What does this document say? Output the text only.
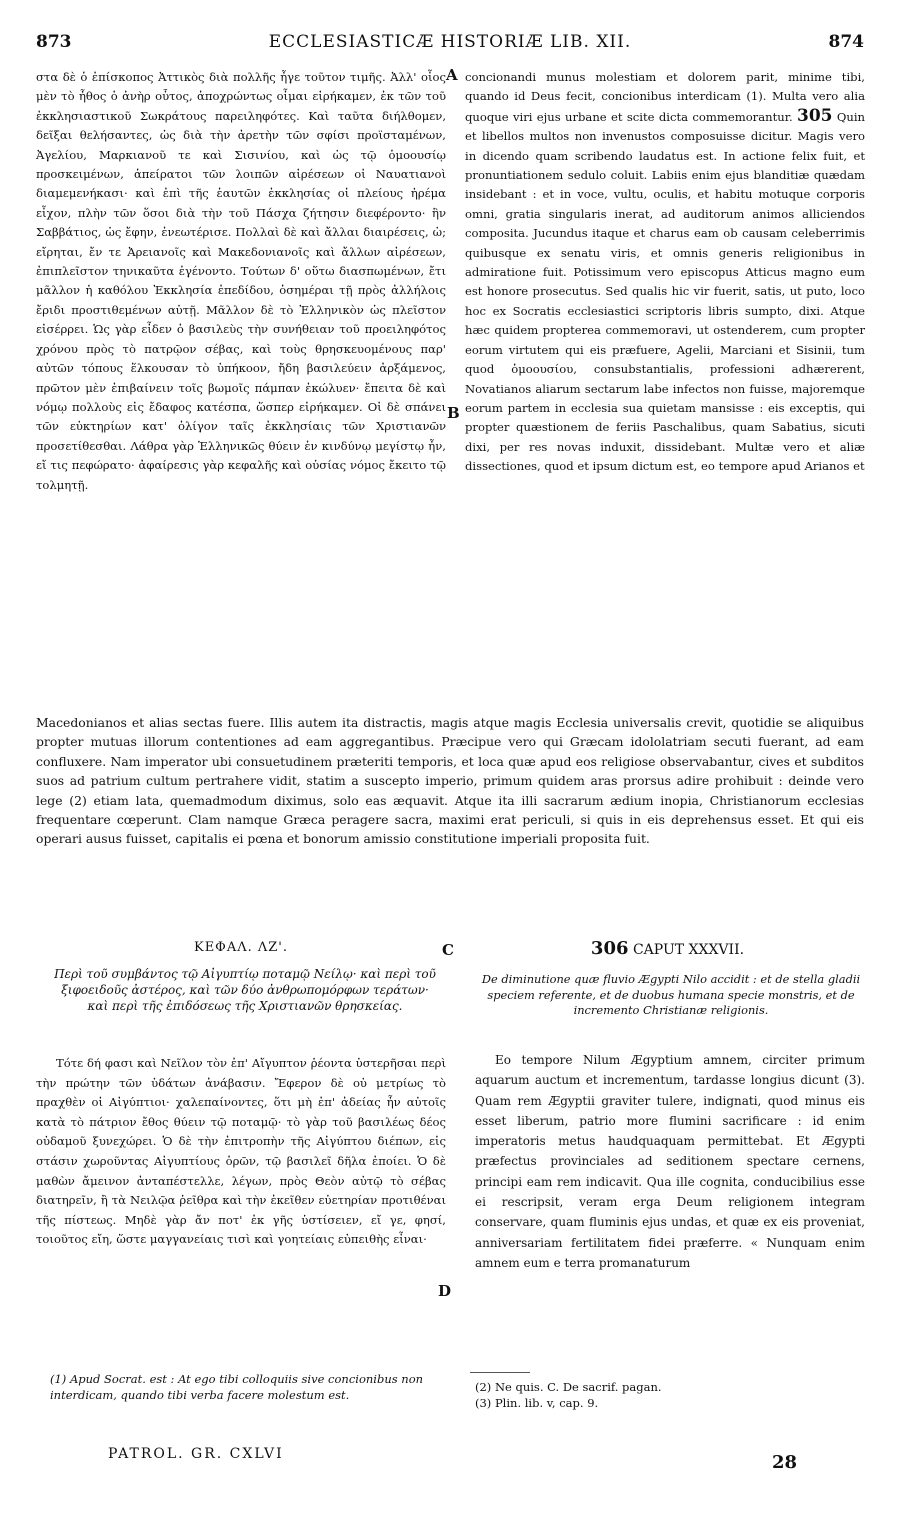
873	ECCLESIASTICÆ HISTORIÆ LIB. XII.	874
A
B
C
D
στα δὲ ὁ ἐπίσκοπος Ἀττικὸς διὰ πολλῆς ἦγε τοῦτον τιμῆς. Ἀλλ' οἷος μὲν τὸ ἦθος ὁ ἀνὴρ οὗτος, ἀποχρώντως οἶμαι εἰρήκαμεν, ἐκ τῶν τοῦ ἐκκλησιαστικοῦ Σωκράτους παρειληφότες. Καὶ ταῦτα διήλθομεν, δεῖξαι θελήσαντες, ὡς διὰ τὴν ἀρετὴν τῶν σφίσι προϊσταμένων, Ἀγελίου, Μαρκιανοῦ τε καὶ Σισινίου, καὶ ὡς τῷ ὁμοουσίῳ προσκειμένων, ἀπείρατοι τῶν λοιπῶν αἱρέσεων οἱ Ναυατιανοὶ διαμεμενήκασι· καὶ ἐπὶ τῆς ἑαυτῶν ἐκκλησίας οἱ πλείους ἠρέμα εἶχον, πλὴν τῶν ὅσοι διὰ τὴν τοῦ Πάσχα ζήτησιν διεφέροντο· ἣν Σαββάτιος, ὡς ἔφην, ἐνεωτέρισε. Πολλαὶ δὲ καὶ ἄλλαι διαιρέσεις, ὡ; εἴρηται, ἔν τε Ἀρειανοῖς καὶ Μακεδονιανοῖς καὶ ἄλλων αἱρέσεων, ἐπιπλεῖστον τηνικαῦτα ἐγένοντο. Τούτων δ' οὕτω διασπωμένων, ἔτι μᾶλλον ἡ καθόλου Ἐκκλησία ἐπεδίδου, ὁσημέραι τῇ πρὸς ἀλλήλοις ἔριδι προστιθεμένων αὐτῇ. Μᾶλλον δὲ τὸ Ἑλληνικὸν ὡς πλεῖστον εἰσέρρει. Ὡς γὰρ εἶδεν ὁ βασιλεὺς τὴν συνήθειαν τοῦ προειληφότος χρόνου πρὸς τὸ πατρῷον σέβας, καὶ τοὺς θρησκευομένους παρ' αὐτῶν τόπους ἕλκουσαν τὸ ὑπήκοον, ἤδη βασιλεύειν ἀρξάμενος, πρῶτον μὲν ἐπιβαίνειν τοῖς βωμοῖς πάμπαν ἐκώλυεν· ἔπειτα δὲ καὶ νόμῳ πολλοὺς εἰς ἔδαφος κατέσπα, ὥσπερ εἰρήκαμεν. Οἱ δὲ σπάνει τῶν εὐκτηρίων κατ' ὀλίγον ταῖς ἐκκλησίαις τῶν Χριστιανῶν προσετίθεσθαι. Λάθρα γὰρ Ἑλληνικῶς θύειν ἐν κινδύνῳ μεγίστῳ ἦν, εἴ τις πεφώρατο· ἀφαίρεσις γὰρ κεφαλῆς καὶ οὐσίας νόμος ἔκειτο τῷ τολμητῇ.
concionandi munus molestiam et dolorem parit, minime tibi, quando id Deus fecit, concionibus interdicam (1). Multa vero alia quoque viri ejus urbane et scite dicta commemorantur. 305 Quin et libellos multos non invenustos composuisse dicitur. Magis vero in dicendo quam scribendo laudatus est. In actione felix fuit, et pronuntiationem sedulo coluit. Labiis enim ejus blanditiæ quædam insidebant : et in voce, vultu, oculis, et habitu motuque corporis omni, gratia singularis inerat, ad auditorum animos alliciendos composita. Jucundus itaque et charus eam ob causam celeberrimis quibusque ex senatu viris, et omnis generis religionibus in admiratione fuit. Potissimum vero episcopus Atticus magno eum est honore prosecutus. Sed qualis hic vir fuerit, satis, ut puto, loco hoc ex Socratis ecclesiastici scriptoris libris sumpto, dixi. Atque hæc quidem propterea commemoravi, ut ostenderem, cum propter eorum virtutem qui eis præfuere, Agelii, Marciani et Sisinii, tum quod ὁμοουσίου, consubstantialis, professioni adhærerent, Novatianos aliarum sectarum labe infectos non fuisse, majoremque eorum partem in ecclesia sua quietam mansisse : eis exceptis, qui propter quæstionem de feriis Paschalibus, quam Sabatius, sicuti dixi, per res novas induxit, dissidebant. Multæ vero et aliæ dissectiones, quod et ipsum dictum est, eo tempore apud Arianos et
Macedonianos et alias sectas fuere. Illis autem ita distractis, magis atque magis Ecclesia universalis crevit, quotidie se aliquibus propter mutuas illorum contentiones ad eam aggregantibus. Præcipue vero qui Græcam idololatriam secuti fuerant, ad eam confluxere. Nam imperator ubi consuetudinem præteriti temporis, et loca quæ apud eos religiose observabantur, cives et subditos suos ad patrium cultum pertrahere vidit, statim a suscepto imperio, primum quidem aras prorsus adire prohibuit : deinde vero lege (2) etiam lata, quemadmodum diximus, solo eas æquavit. Atque ita illi sacrarum ædium inopia, Christianorum ecclesias frequentare cœperunt. Clam namque Græca peragere sacra, maximi erat periculi, si quis in eis deprehensus esset. Et qui eis operari ausus fuisset, capitalis ei pœna et bonorum amissio constitutione imperiali proposita fuit.
ΚΕΦΑΛ. ΛΖ'.	306 CAPUT XXXVII.
Περὶ τοῦ συμβάντος τῷ Αἰγυπτίῳ ποταμῷ Νείλῳ· καὶ περὶ τοῦ ξιφοειδοῦς ἀστέρος, καὶ τῶν δύο ἀνθρωπομόρφων τεράτων· καὶ περὶ τῆς ἐπιδόσεως τῆς Χριστιανῶν θρησκείας.
De diminutione quæ fluvio Ægypti Nilo accidit : et de stella gladii speciem referente, et de duobus humana specie monstris, et de incremento Christianæ religionis.
Τότε δή φασι καὶ Νεῖλον τὸν ἐπ' Αἴγυπτον ῥέοντα ὑστερῆσαι περὶ τὴν πρώτην τῶν ὑδάτων ἀνάβασιν. Ἔφερον δὲ οὐ μετρίως τὸ πραχθὲν οἱ Αἰγύπτιοι· χαλεπαίνοντες, ὅτι μὴ ἐπ' ἀδείας ἦν αὐτοῖς κατὰ τὸ πάτριον ἔθος θύειν τῷ ποταμῷ· τὸ γὰρ τοῦ βασιλέως δέος οὐδαμοῦ ξυνεχώρει. Ὁ δὲ τὴν ἐπιτροπὴν τῆς Αἰγύπτου διέπων, εἰς στάσιν χωροῦντας Αἰγυπτίους ὁρῶν, τῷ βασιλεῖ δῆλα ἐποίει. Ὁ δὲ μαθὼν ἄμεινον ἀνταπέστελλε, λέγων, πρὸς Θεὸν αὐτῷ τὸ σέβας διατηρεῖν, ἢ τὰ Νειλῷα ῥεῖθρα καὶ τὴν ἐκεῖθεν εὐετηρίαν προτιθέναι τῆς πίστεως. Μηδὲ γὰρ ἄν ποτ' ἐκ γῆς ὑστίσειεν, εἴ γε, φησί, τοιοῦτος εἴη, ὥστε μαγγανείαις τισὶ καὶ γοητείαις εὐπειθὴς εἶναι·
Eo tempore Nilum Ægyptium amnem, circiter primum aquarum auctum et incrementum, tardasse longius dicunt (3). Quam rem Ægyptii graviter tulere, indignati, quod minus eis esset liberum, patrio more flumini sacrificare : id enim imperatoris metus haudquaquam permittebat. Et Ægypti præfectus provinciales ad seditionem spectare cernens, principi eam rem indicavit. Qua ille cognita, conducibilius esse ei rescripsit, veram erga Deum religionem integram conservare, quam fluminis ejus undas, et quæ ex eis proveniat, anniversariam fertilitatem fidei præferre. « Nunquam enim amnem eum e terra promanaturum
(1) Apud Socrat. est : At ego tibi colloquiis sive concionibus non interdicam, quando tibi verba facere molestum est.
(2) Ne quis. C. De sacrif. pagan.
(3) Plin. lib. v, cap. 9.
PATROL. GR. CXLVI	28
